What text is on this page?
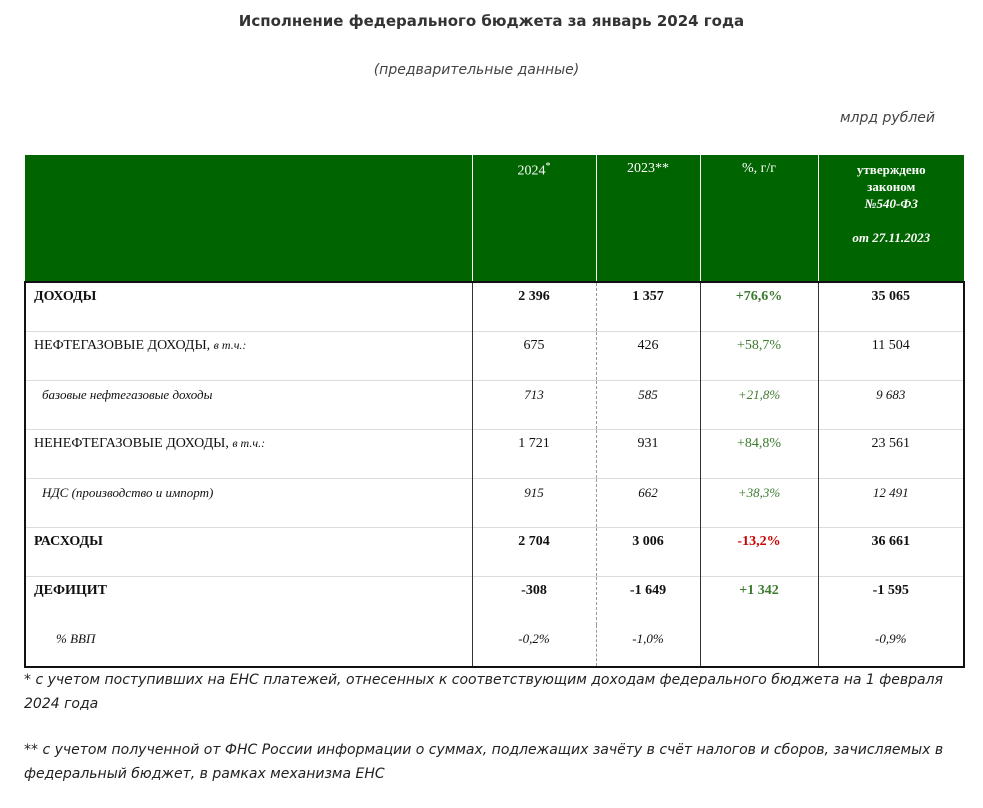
Исполнение федерального бюджета за январь 2024 года
(предварительные данные)
млрд рублей
	2024*	2023**	%, г/г	утверждено
законом
№540-ФЗ
от 27.11.2023

ДОХОДЫ	2 396	1 357	+76,6%	35 065
НЕФТЕГАЗОВЫЕ ДОХОДЫ, в т.ч.:	675	426	+58,7%	11 504
базовые нефтегазовые доходы	713	585	+21,8%	9 683
НЕНЕФТЕГАЗОВЫЕ ДОХОДЫ, в т.ч.:	1 721	931	+84,8%	23 561
НДС (производство и импорт)	915	662	+38,3%	12 491
РАСХОДЫ	2 704	3 006	-13,2%	36 661
ДЕФИЦИТ	-308	-1 649	+1 342	-1 595
% ВВП	-0,2%	-1,0%		-0,9%

* с учетом поступивших на ЕНС платежей, отнесенных к соответствующим доходам федерального бюджета на 1 февраля 2024 года

** с учетом полученной от ФНС России информации о суммах, подлежащих зачёту в счёт налогов и сборов, зачисляемых в федеральный бюджет, в рамках механизма ЕНС
